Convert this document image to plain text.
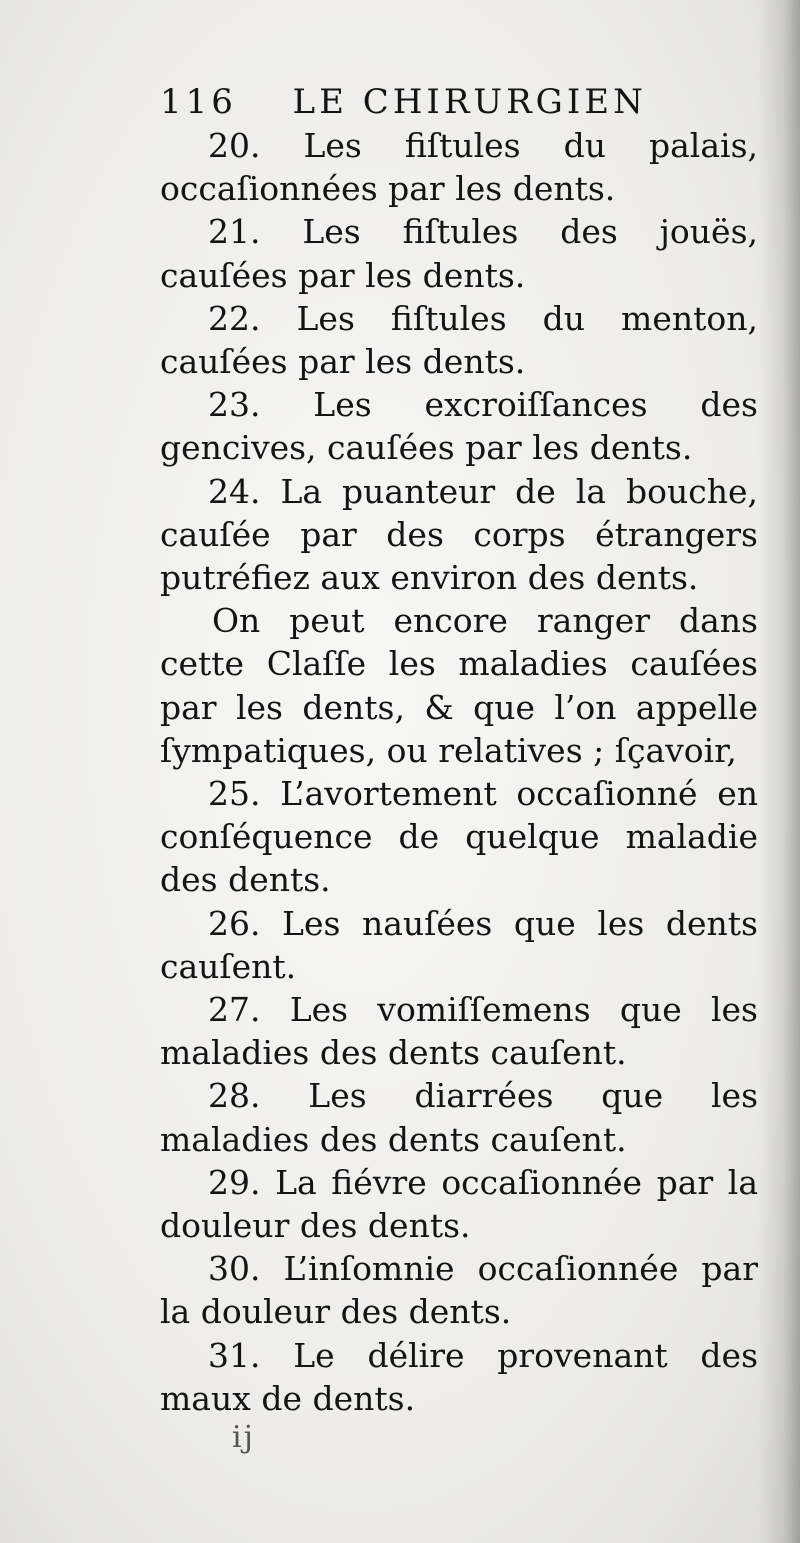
116 LE CHIRURGIEN

20. Les fiſtules du palais, occaſionnées par les dents.

21. Les fiſtules des jouës, cauſées par les dents.

22. Les fiſtules du menton, cauſées par les dents.

23. Les excroiſſances des gencives, cauſées par les dents.

24. La puanteur de la bouche, cauſée par des corps étrangers putréfiez aux environ des dents.

On peut encore ranger dans cette Claſſe les maladies cauſées par les dents, & que l’on appelle ſympatiques, ou relatives ; ſçavoir,

25. L’avortement occaſionné en conſéquence de quelque maladie des dents.

26. Les nauſées que les dents cauſent.

27. Les vomiſſemens que les maladies des dents cauſent.

28. Les diarrées que les maladies des dents cauſent.

29. La fiévre occaſionnée par la douleur des dents.

30. L’inſomnie occaſionnée par la douleur des dents.

31. Le délire provenant des maux de dents.

ij
